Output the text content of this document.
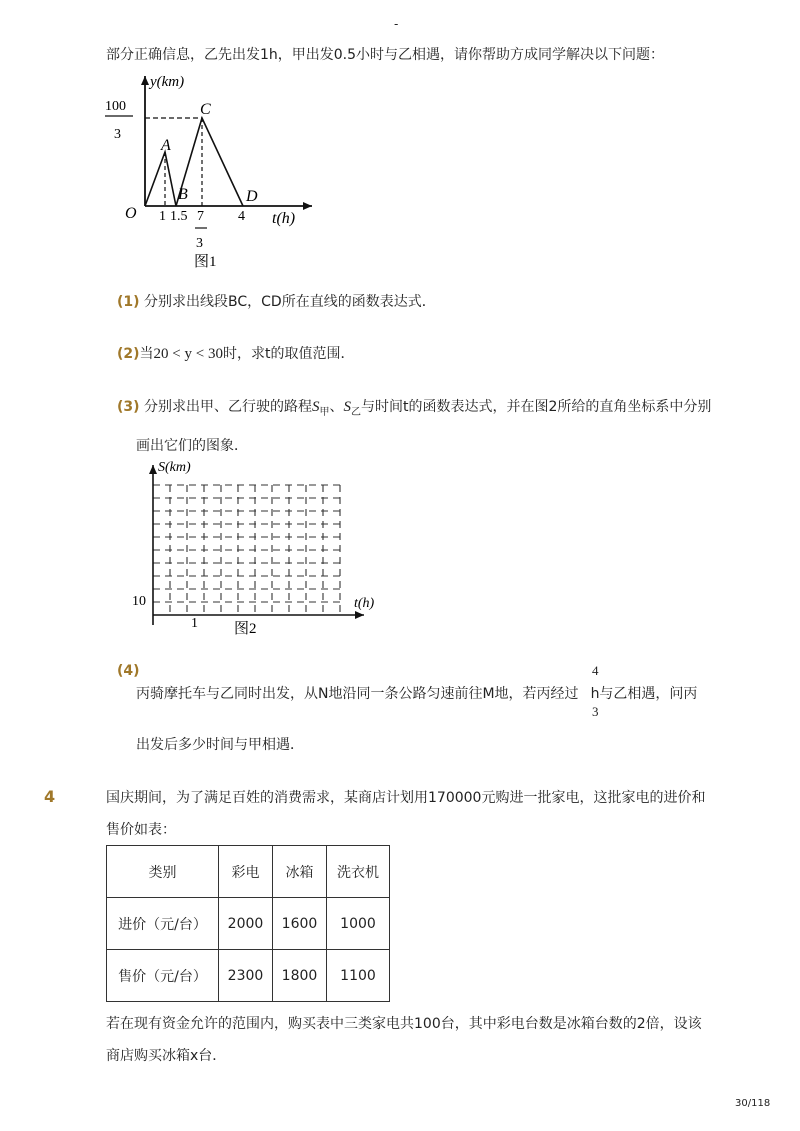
-
部分正确信息，乙先出发1h，甲出发0.5小时与乙相遇，请你帮助方成同学解决以下问题：
y(km)
100
3
C
A
B	D
O 1 1.5 7
3
4 t(h)
图1
(1) 分别求出线段BC，CD所在直线的函数表达式．
(2)当20 < y < 30时，求t的取值范围．
(3) 分别求出甲、乙行驶的路程$S_甲$、$S_乙$与时间t的函数表达式，并在图2所给的直角坐标系中分别
画出它们的图象．
S(km)
10
1
t(h)
图2
(4)	4
3
丙骑摩托车与乙同时出发，从N地沿同一条公路匀速前往M地，若丙经过 h与乙相遇，问丙
出发后多少时间与甲相遇．
4	国庆期间，为了满足百姓的消费需求，某商店计划用170000元购进一批家电，这批家电的进价和
售价如表：
类别	彩电	冰箱	洗衣机
进价（元/台）	2000	1600	1000
售价（元/台）	2300	1800	1100
若在现有资金允许的范围内，购买表中三类家电共100台，其中彩电台数是冰箱台数的2倍，设该
商店购买冰箱x台．
30/118
